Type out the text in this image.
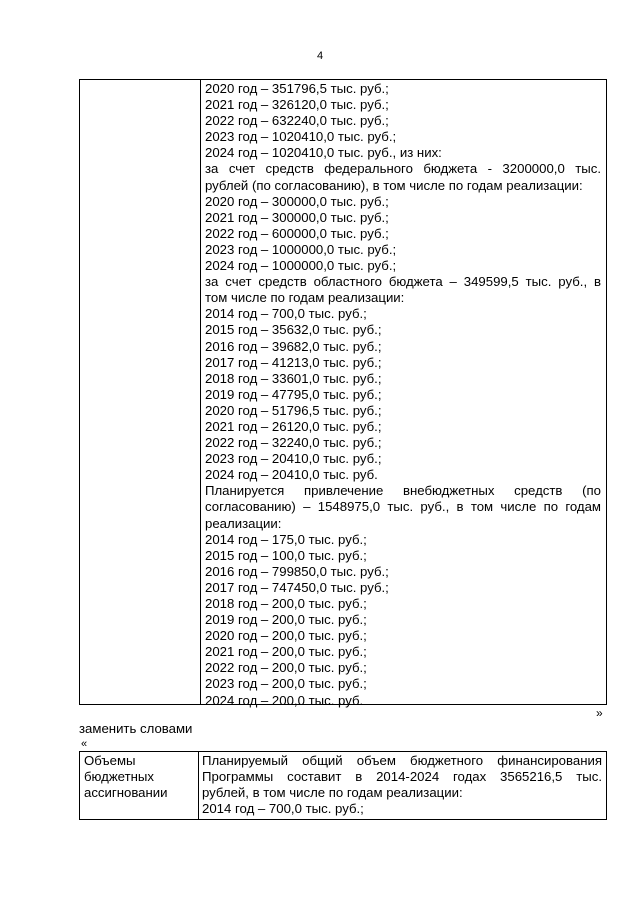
4
2020 год – 351796,5 тыс. руб.;
2021 год – 326120,0 тыс. руб.;
2022 год – 632240,0 тыс. руб.;
2023 год – 1020410,0 тыс. руб.;
2024 год – 1020410,0 тыс. руб., из них:
за счет средств федерального бюджета - 3200000,0 тыс.
рублей (по согласованию), в том числе по годам реализации:
2020 год – 300000,0 тыс. руб.;
2021 год – 300000,0 тыс. руб.;
2022 год – 600000,0 тыс. руб.;
2023 год – 1000000,0 тыс. руб.;
2024 год – 1000000,0 тыс. руб.;
за счет средств областного бюджета – 349599,5 тыс. руб., в
том числе по годам реализации:
2014 год – 700,0 тыс. руб.;
2015 год – 35632,0 тыс. руб.;
2016 год – 39682,0 тыс. руб.;
2017 год – 41213,0 тыс. руб.;
2018 год – 33601,0 тыс. руб.;
2019 год – 47795,0 тыс. руб.;
2020 год – 51796,5 тыс. руб.;
2021 год – 26120,0 тыс. руб.;
2022 год – 32240,0 тыс. руб.;
2023 год – 20410,0 тыс. руб.;
2024 год – 20410,0 тыс. руб.
Планируется привлечение внебюджетных средств (по
согласованию) – 1548975,0 тыс. руб., в том числе по годам
реализации:
2014 год – 175,0 тыс. руб.;
2015 год – 100,0 тыс. руб.;
2016 год – 799850,0 тыс. руб.;
2017 год – 747450,0 тыс. руб.;
2018 год – 200,0 тыс. руб.;
2019 год – 200,0 тыс. руб.;
2020 год – 200,0 тыс. руб.;
2021 год – 200,0 тыс. руб.;
2022 год – 200,0 тыс. руб.;
2023 год – 200,0 тыс. руб.;
2024 год – 200,0 тыс. руб.
»
заменить словами
«
Объемы
бюджетных
ассигновании
Планируемый общий объем бюджетного финансирования
Программы составит в 2014-2024 годах 3565216,5 тыс.
рублей, в том числе по годам реализации:
2014 год – 700,0 тыс. руб.;
